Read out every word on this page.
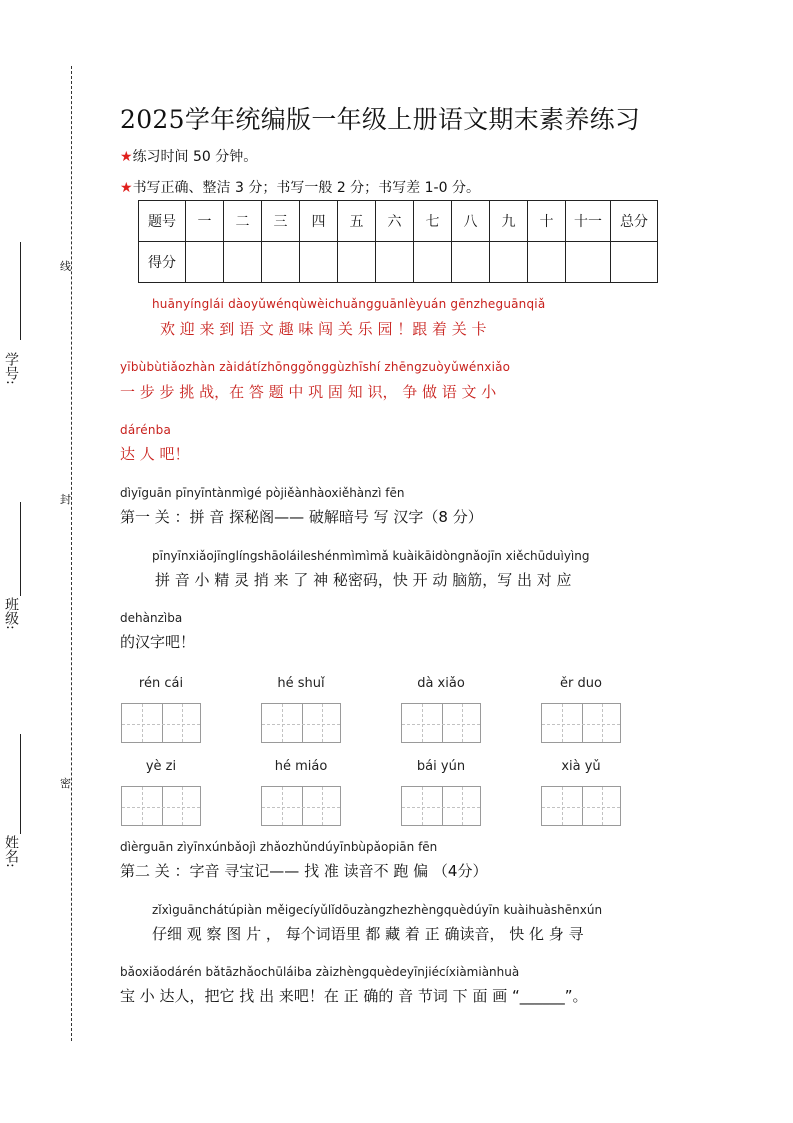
学号:
班级:
姓名:
线
封
密
2025学年统编版一年级上册语文期末素养练习
★练习时间 50 分钟。
★书写正确、整洁 3 分；书写一般 2 分；书写差 1-0 分。
题号	一	二	三	四	五	六	七	八	九	十	十一	总分
得分												
huānyínglái dàoyǔwénqùwèichuǎngguānlèyuán gēnzheguānqiǎ
欢 迎 来 到 语 文 趣 味 闯 关 乐 园 ！跟 着 关 卡
yībùbùtiǎozhàn zàidátízhōnggǒnggùzhīshí zhēngzuòyǔwénxiǎo
一 步 步 挑 战，在 答 题 中 巩 固 知 识， 争 做 语 文 小
dárénba
达 人 吧！
dìyīguān pīnyīntànmìgé pòjiěànhàoxiěhànzì fēn
第一 关 ：拼 音 探秘阁—— 破解暗号 写 汉字（8 分）
pīnyīnxiǎojīnglíngshāoláileshénmìmìmǎ kuàikāidòngnǎojīn xiěchūduìyìng
拼 音 小 精 灵 捎 来 了 神 秘密码，快 开 动 脑筋，写 出 对 应
dehànzìba
的汉字吧！
rén cái	hé shuǐ	dà xiǎo	ěr duo
yè zi	hé miáo	bái yún	xià yǔ
dìèrguān zìyīnxúnbǎojì zhǎozhǔndúyīnbùpǎopiān fēn
第二 关 ：字音 寻宝记—— 找 准 读音不 跑 偏 （4分）
zǐxìguānchátúpiàn měigecíyǔlǐdōuzàngzhezhèngquèdúyīn kuàihuàshēnxún
仔细 观 察 图 片 ， 每个词语里 都 藏 着 正 确读音， 快 化 身 寻
bǎoxiǎodárén bǎtāzhǎochūláiba zàizhèngquèdeyīnjiécíxiàmiànhuà
宝 小 达人，把它 找 出 来吧！在 正 确的 音 节词 下 面 画 “______”。
